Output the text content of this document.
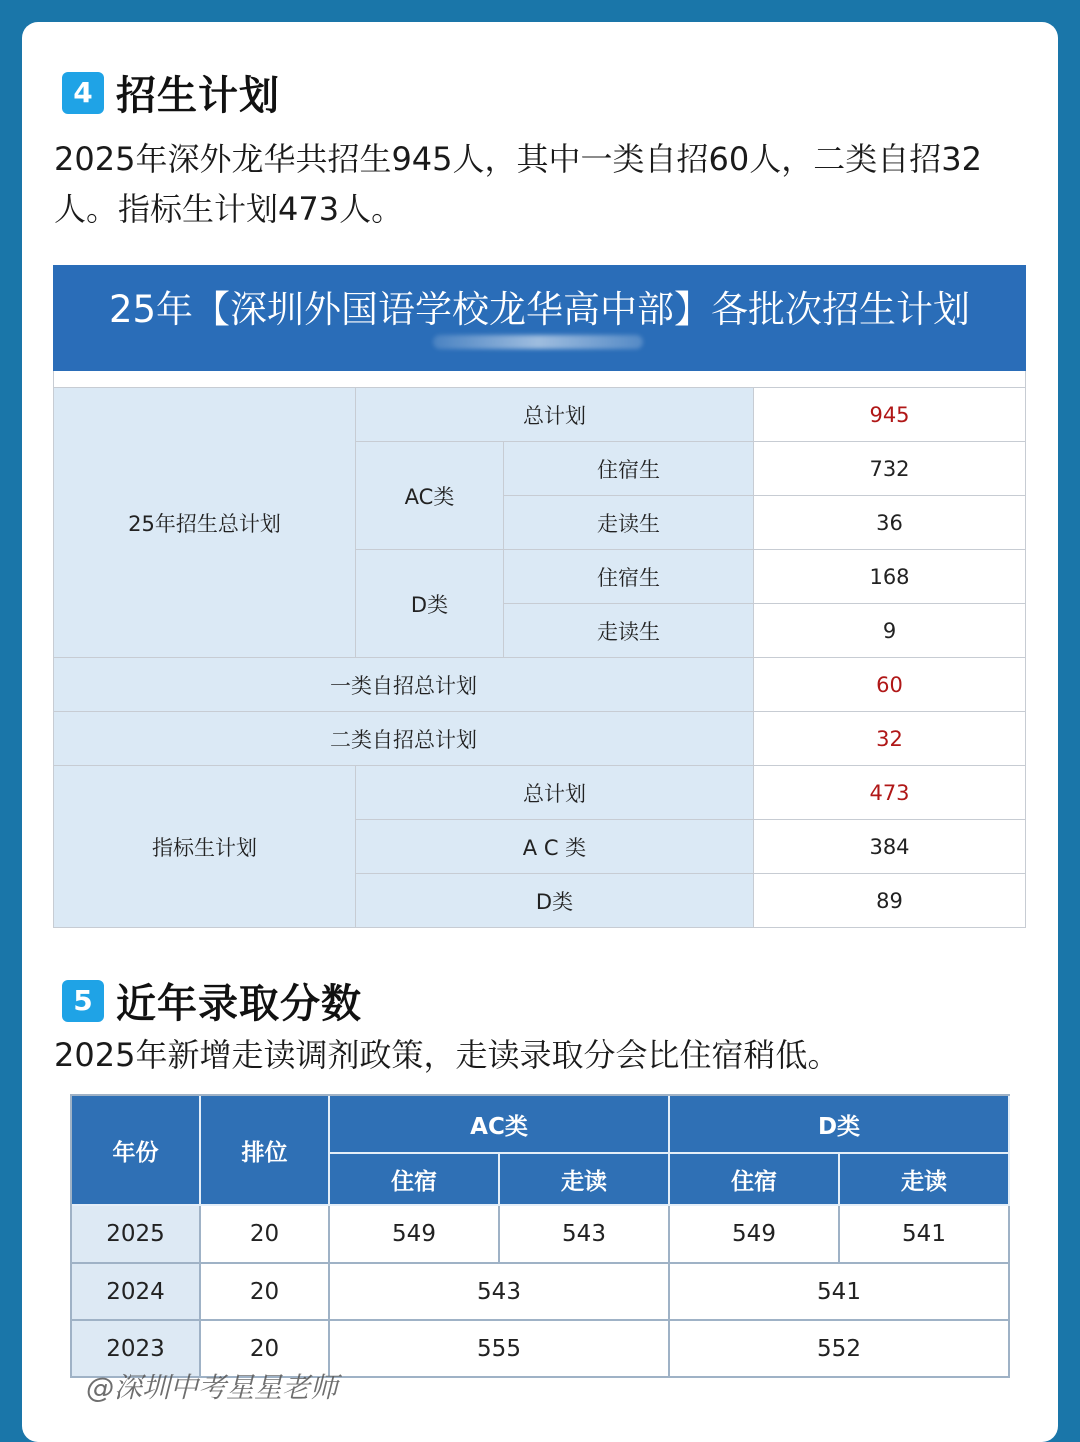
4 招生计划
2025年深外龙华共招生945人，其中一类自招60人，二类自招32人。指标生计划473人。
25年【深圳外国语学校龙华高中部】各批次招生计划
25年招生总计划
总计划	945
AC类
住宿生	732
走读生	36
D类
住宿生	168
走读生	9
一类自招总计划	60
二类自招总计划	32
指标生计划
总计划	473
A C 类	384
D类	89
5 近年录取分数
2025年新增走读调剂政策，走读录取分会比住宿稍低。
年份	排位
AC类	D类
住宿	走读	住宿	走读
2025	20	549	543	549	541
2024	20	543	541
2023	20	555	552
@深圳中考星星老师
